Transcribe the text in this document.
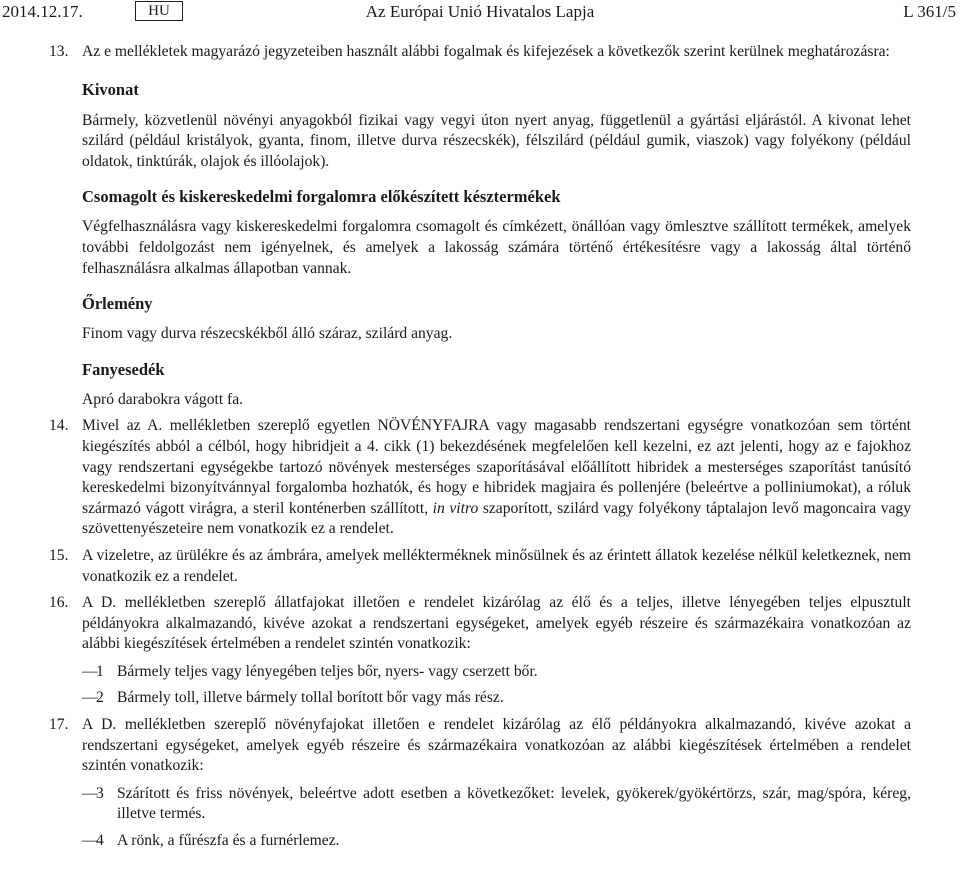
2014.12.17.	HU	Az Európai Unió Hivatalos Lapja	L 361/5
13. Az e mellékletek magyarázó jegyzeteiben használt alábbi fogalmak és kifejezések a következők szerint kerülnek meghatározásra:

Kivonat

Bármely, közvetlenül növényi anyagokból fizikai vagy vegyi úton nyert anyag, függetlenül a gyártási eljárástól. A kivonat lehet szilárd (például kristályok, gyanta, finom, illetve durva részecskék), félszilárd (például gumik, viaszok) vagy folyékony (például oldatok, tinktúrák, olajok és illóolajok).

Csomagolt és kiskereskedelmi forgalomra előkészített késztermékek

Végfelhasználásra vagy kiskereskedelmi forgalomra csomagolt és címkézett, önállóan vagy ömlesztve szállított termékek, amelyek további feldolgozást nem igényelnek, és amelyek a lakosság számára történő értékesítésre vagy a lakosság által történő felhasználásra alkalmas állapotban vannak.

Őrlemény

Finom vagy durva részecskékből álló száraz, szilárd anyag.

Fanyesedék

Apró darabokra vágott fa.

14. Mivel az A. mellékletben szereplő egyetlen NÖVÉNYFAJRA vagy magasabb rendszertani egységre vonatkozóan sem történt kiegészítés abból a célból, hogy hibridjeit a 4. cikk (1) bekezdésének megfelelően kell kezelni, ez azt jelenti, hogy az e fajokhoz vagy rendszertani egységekbe tartozó növények mesterséges szaporításával előállított hibridek a mesterséges szaporítást tanúsító kereskedelmi bizonyítvánnyal forgalomba hozhatók, és hogy e hibridek magjaira és pollenjére (beleértve a polliniumokat), a róluk származó vágott virágra, a steril konténerben szállított, in vitro szaporított, szilárd vagy folyékony táptalajon levő magoncaira vagy szövettenyészeteire nem vonatkozik ez a rendelet.

15. A vizeletre, az ürülékre és az ámbrára, amelyek mellékterméknek minősülnek és az érintett állatok kezelése nélkül keletkeznek, nem vonatkozik ez a rendelet.

16. A D. mellékletben szereplő állatfajokat illetően e rendelet kizárólag az élő és a teljes, illetve lényegében teljes elpusztult példányokra alkalmazandó, kivéve azokat a rendszertani egységeket, amelyek egyéb részeire és származékaira vonatkozóan az alábbi kiegészítések értelmében a rendelet szintén vonatkozik:

—
1 Bármely teljes vagy lényegében teljes bőr, nyers- vagy cserzett bőr.

—
2 Bármely toll, illetve bármely tollal borított bőr vagy más rész.

17. A D. mellékletben szereplő növényfajokat illetően e rendelet kizárólag az élő példányokra alkalmazandó, kivéve azokat a rendszertani egységeket, amelyek egyéb részeire és származékaira vonatkozóan az alábbi kiegészítések értelmében a rendelet szintén vonatkozik:

—
3 Szárított és friss növények, beleértve adott esetben a következőket: levelek, gyökerek/gyökértörzs, szár, mag/spóra, kéreg, illetve termés.

—
4 A rönk, a fűrészfa és a furnérlemez.
